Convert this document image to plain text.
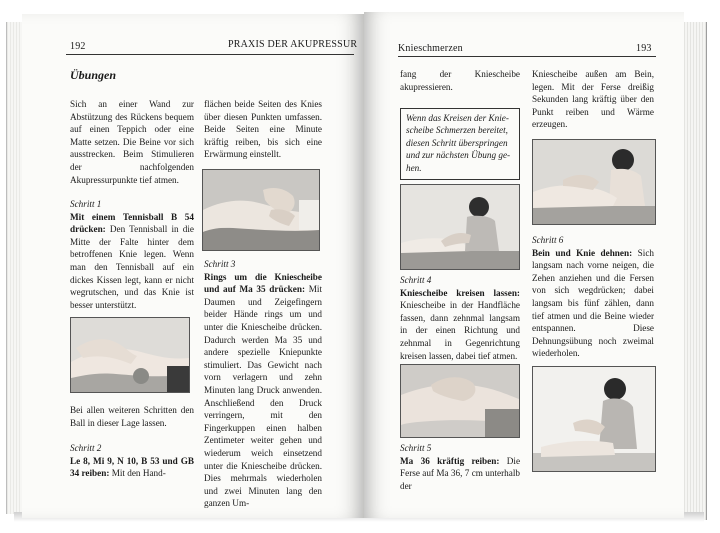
192	PRAXIS DER AKUPRESSUR

Übungen

Sich an einer Wand zur Abstützung des Rückens bequem auf einen Teppich oder eine Matte setzen. Die Beine vor sich ausstrecken. Beim Stimulieren der nachfolgenden Akupressurpunkte tief atmen.

Schritt 1
Mit einem Tennisball B 54 drücken: Den Tennisball in die Mitte der Falte hinter dem betroffenen Knie legen. Wenn man den Tennisball auf ein dickes Kissen legt, kann er nicht wegrutschen, und das Knie ist besser unterstützt.

Bei allen weiteren Schritten den Ball in dieser Lage lassen.

Schritt 2
Le 8, Mi 9, N 10, B 53 und GB 34 reiben: Mit den Hand-

flächen beide Seiten des Knies über diesen Punkten umfassen. Beide Seiten eine Minute kräftig reiben, bis sich eine Erwärmung einstellt.

Schritt 3
Rings um die Kniescheibe und auf Ma 35 drücken: Mit Daumen und Zeigefingern beider Hände rings um und unter die Kniescheibe drücken. Dadurch werden Ma 35 und andere spezielle Kniepunkte stimuliert. Das Gewicht nach vorn verlagern und zehn Minuten lang Druck anwenden. Anschließend den Druck verringern, mit den Fingerkuppen einen halben Zentimeter weiter gehen und wiederum weich einsetzend unter die Kniescheibe drücken. Dies mehrmals wiederholen und zwei Minuten lang den ganzen Um-
Knieschmerzen	193

fang der Kniescheibe akupressieren.

Wenn das Kreisen der Knie-
scheibe Schmerzen bereitet,
diesen Schritt überspringen
und zur nächsten Übung ge-
hen.
Schritt 4
Kniescheibe kreisen lassen: Kniescheibe in der Handfläche fassen, dann zehnmal langsam in der einen Richtung und zehnmal in Gegenrichtung kreisen lassen, dabei tief atmen.
Schritt 5
Ma 36 kräftig reiben: Die Ferse auf Ma 36, 7 cm unterhalb der

Kniescheibe außen am Bein, legen. Mit der Ferse dreißig Sekunden lang kräftig über den Punkt reiben und Wärme erzeugen.

Schritt 6
Bein und Knie dehnen: Sich langsam nach vorne neigen, die Zehen anziehen und die Fersen von sich wegdrücken; dabei langsam bis fünf zählen, dann tief atmen und die Beine wieder entspannen. Diese Dehnungsübung noch zweimal wiederholen.
